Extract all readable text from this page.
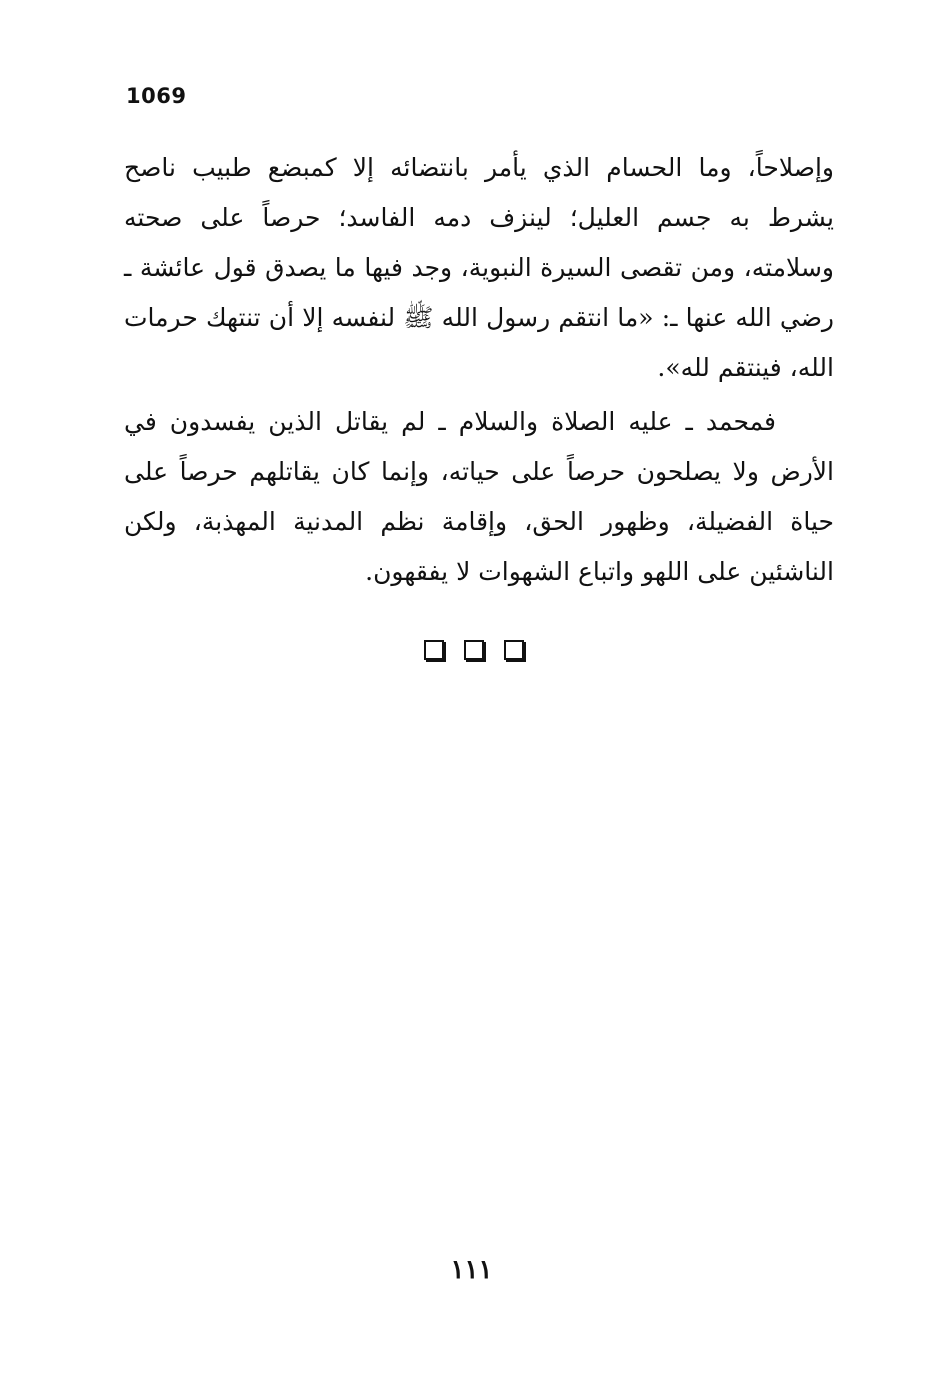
1069

وإصلاحاً، وما الحسام الذي يأمر بانتضائه إلا كمبضع طبيب ناصح يشرط به جسم العليل؛ لينزف دمه الفاسد؛ حرصاً على صحته وسلامته، ومن تقصى السيرة النبوية، وجد فيها ما يصدق قول عائشة ـ رضي الله عنها ـ: «ما انتقم رسول الله ﷺ لنفسه إلا أن تنتهك حرمات الله، فينتقم لله».

فمحمد ـ عليه الصلاة والسلام ـ لم يقاتل الذين يفسدون في الأرض ولا يصلحون حرصاً على حياته، وإنما كان يقاتلهم حرصاً على حياة الفضيلة، وظهور الحق، وإقامة نظم المدنية المهذبة، ولكن الناشئين على اللهو واتباع الشهوات لا يفقهون.

١١١
